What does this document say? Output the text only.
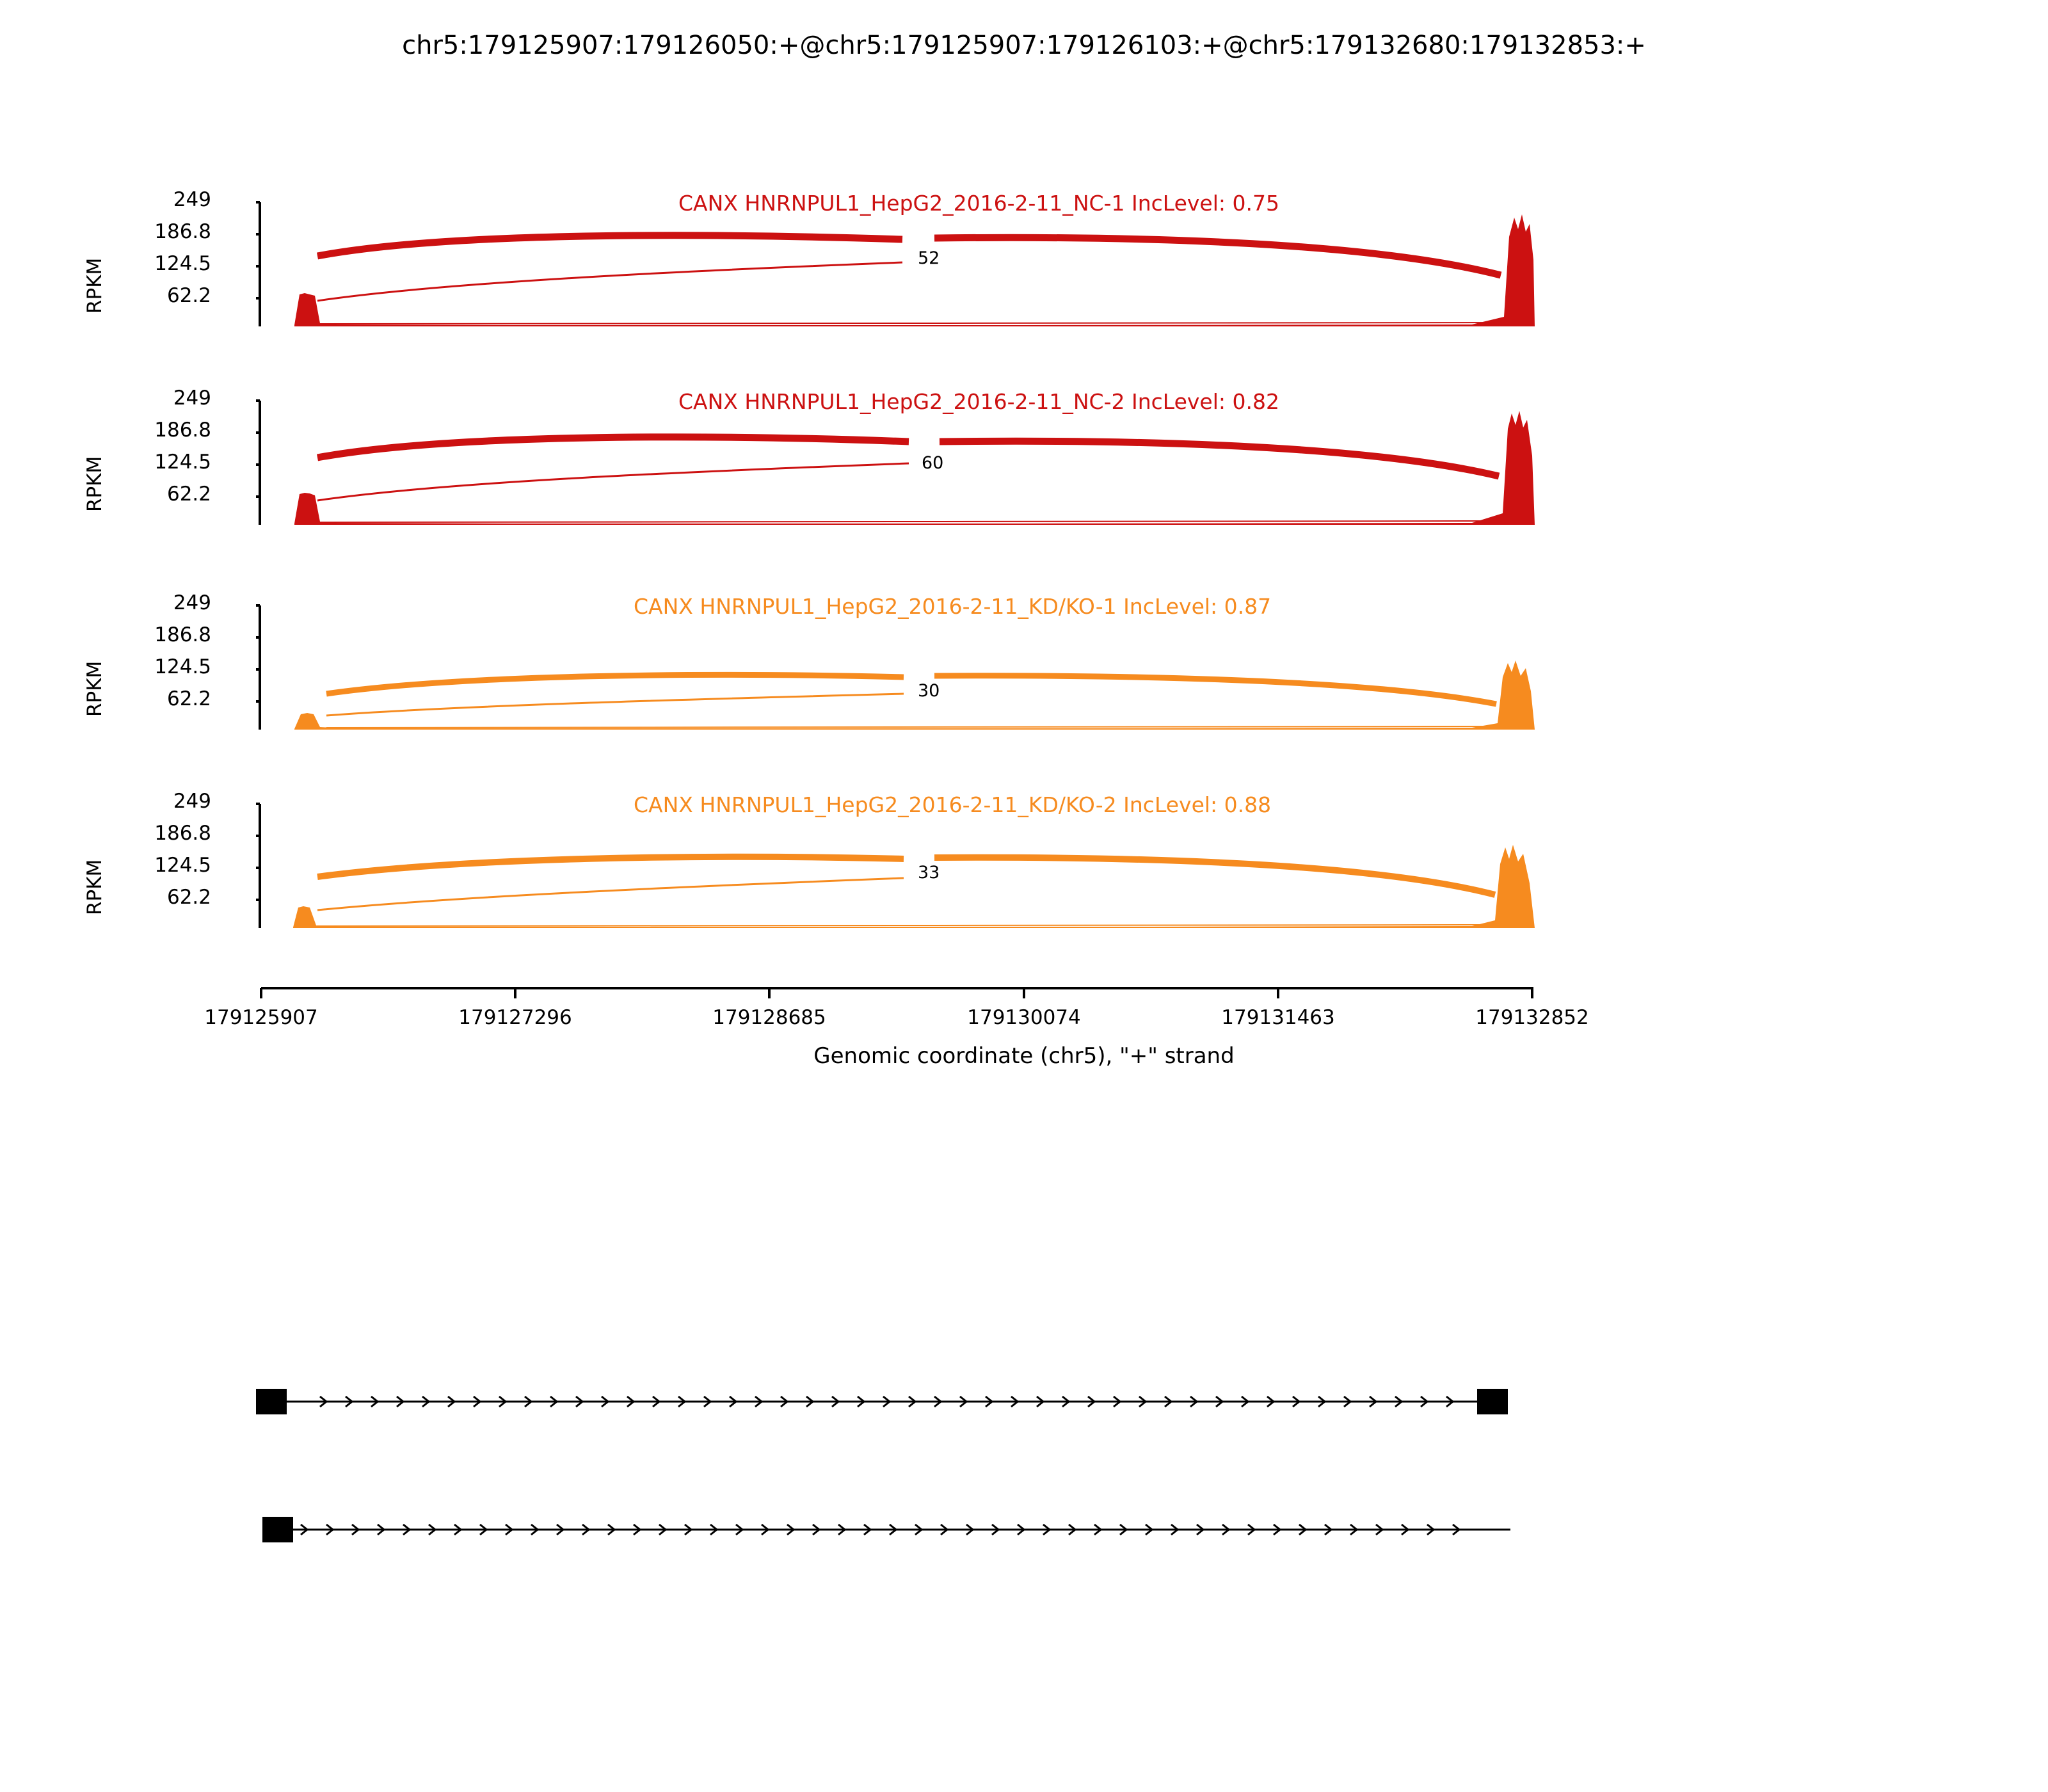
chr5:179125907:179126050:+@chr5:179125907:179126103:+@chr5:179132680:179132853:+
249
186.8
124.5
62.2
RPKM
CANX HNRNPUL1_HepG2_2016-2-11_NC-1 IncLevel: 0.75
52
249
186.8
124.5
62.2
RPKM
CANX HNRNPUL1_HepG2_2016-2-11_NC-2 IncLevel: 0.82
60
249
186.8
124.5
62.2
RPKM
CANX HNRNPUL1_HepG2_2016-2-11_KD/KO-1 IncLevel: 0.87
30
249
186.8
124.5
62.2
RPKM
CANX HNRNPUL1_HepG2_2016-2-11_KD/KO-2 IncLevel: 0.88
33
179125907	179127296	179128685	179130074	179131463	179132852
Genomic coordinate (chr5), "+" strand
